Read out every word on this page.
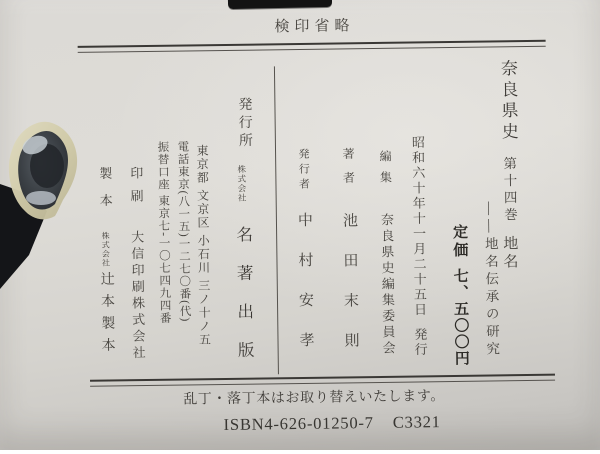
検印省略
奈良県史第十四巻地名
――地名伝承の研究
定価七、五〇〇円
昭和六十年十一月二十五日発行
編集奈良県史編集委員会
著者池田末則
発行者中村安孝
発行所
株式会社名著出版
東京都 文京区 小石川 三ノ十ノ五
電話東京(八一五)一二七〇番(代)
振替口座 東京七-一〇七四九四番
印刷大信印刷株式会社
製本株式会社辻本製本
乱丁・落丁本はお取り替えいたします。
ISBN4-626-01250-7 C3321
